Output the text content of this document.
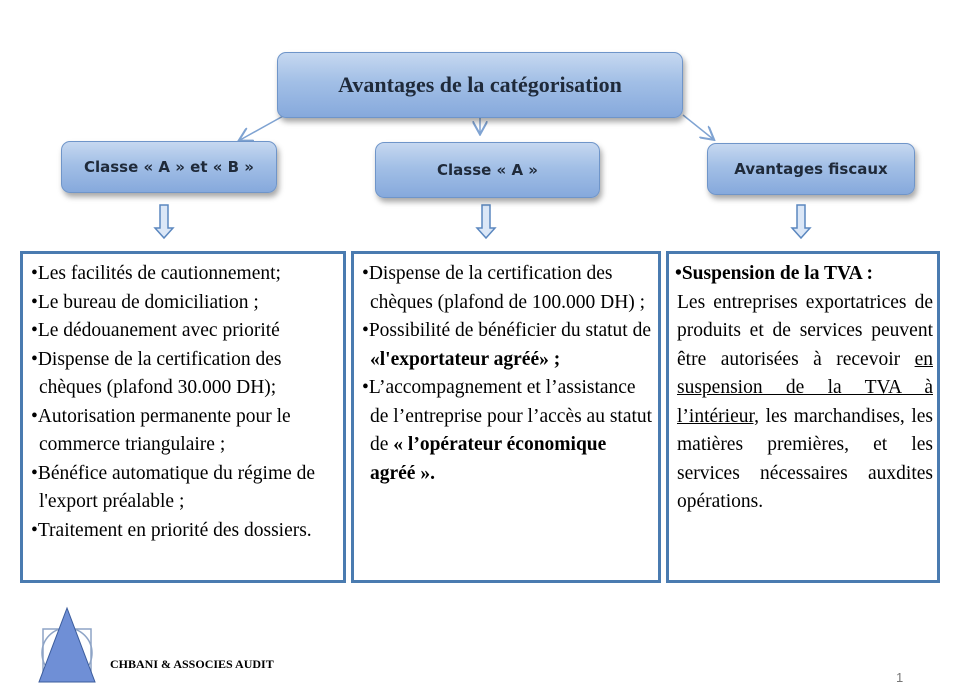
Avantages de la catégorisation
Classe « A » et « B »	Classe « A »	Avantages fiscaux
•Les facilités de cautionnement;
•Le bureau de domiciliation ;
•Le dédouanement avec priorité
•Dispense de la certification des chèques (plafond 30.000 DH);
•Autorisation permanente pour le commerce triangulaire ;
•Bénéfice automatique du régime de l'export préalable ;
•Traitement en priorité des dossiers.
•Dispense de la certification des chèques (plafond de 100.000 DH) ;
•Possibilité de bénéficier du statut de «l'exportateur agréé» ;
•L’accompagnement et l’assistance de l’entreprise pour l’accès au statut de « l’opérateur économique agréé ».
•Suspension de la TVA :
Les entreprises exportatrices de produits et de services peuvent être autorisées à recevoir en suspension de la TVA à l’intérieur, les marchandises, les matières premières, et les services nécessaires auxdites opérations.
CHBANI & ASSOCIES AUDIT
1
